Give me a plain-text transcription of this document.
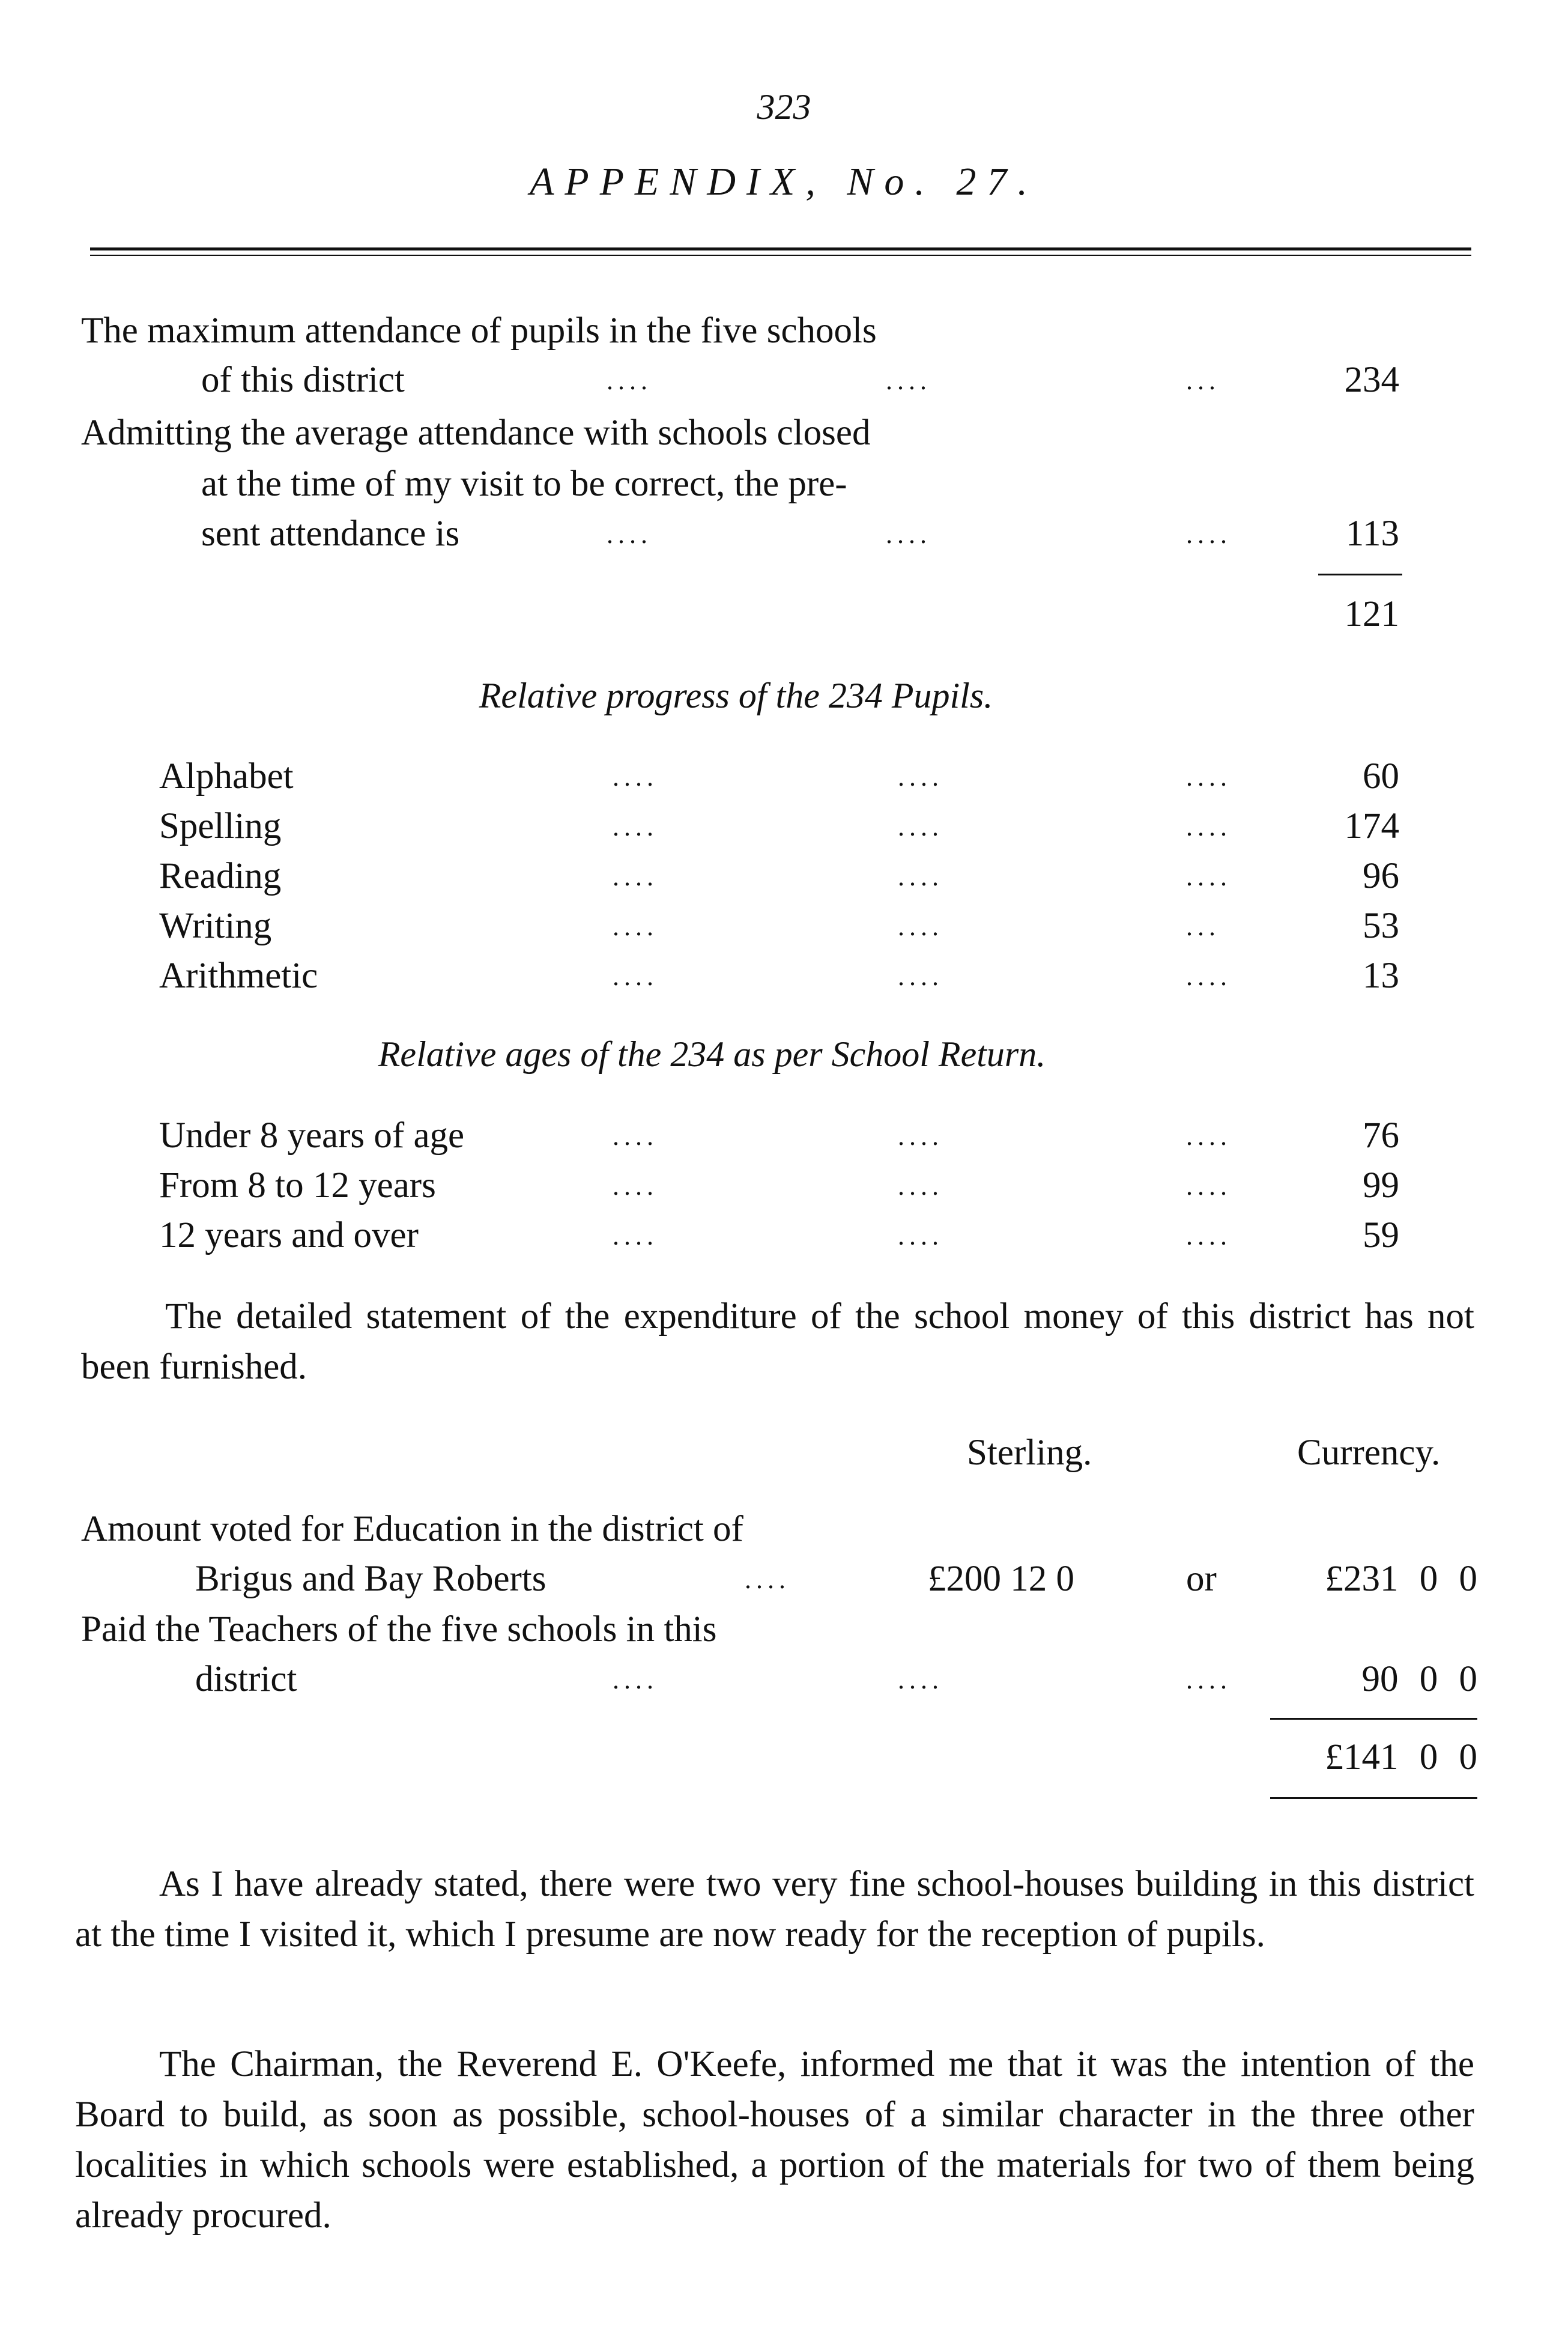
323
APPENDIX, No. 27.
The maximum attendance of pupils in the five schools
of this district	....	....	...	234
Admitting the average attendance with schools closed
at the time of my visit to be correct, the pre-
sent attendance is	....	....	....	113
121
Relative progress of the 234 Pupils.
Alphabet	....	....	....	60
Spelling	....	....	....	174
Reading	....	....	....	96
Writing	....	....	...	53
Arithmetic	....	....	....	13
Relative ages of the 234 as per School Return.
Under 8 years of age	....	....	....	76
From 8 to 12 years	....	....	....	99
12 years and over	....	....	....	59
The detailed statement of the expenditure of the school money of this district has not been furnished.
Sterling.	Currency.
Amount voted for Education in the district of
Brigus and Bay Roberts	....	£200 12 0	or	£231 0 0
Paid the Teachers of the five schools in this
district	....	....	....	90 0 0
£141 0 0
As I have already stated, there were two very fine school-houses building in this district at the time I visited it, which I presume are now ready for the reception of pupils.
The Chairman, the Reverend E. O'Keefe, informed me that it was the intention of the Board to build, as soon as possible, school-houses of a similar character in the three other localities in which schools were established, a portion of the materials for two of them being already procured.
